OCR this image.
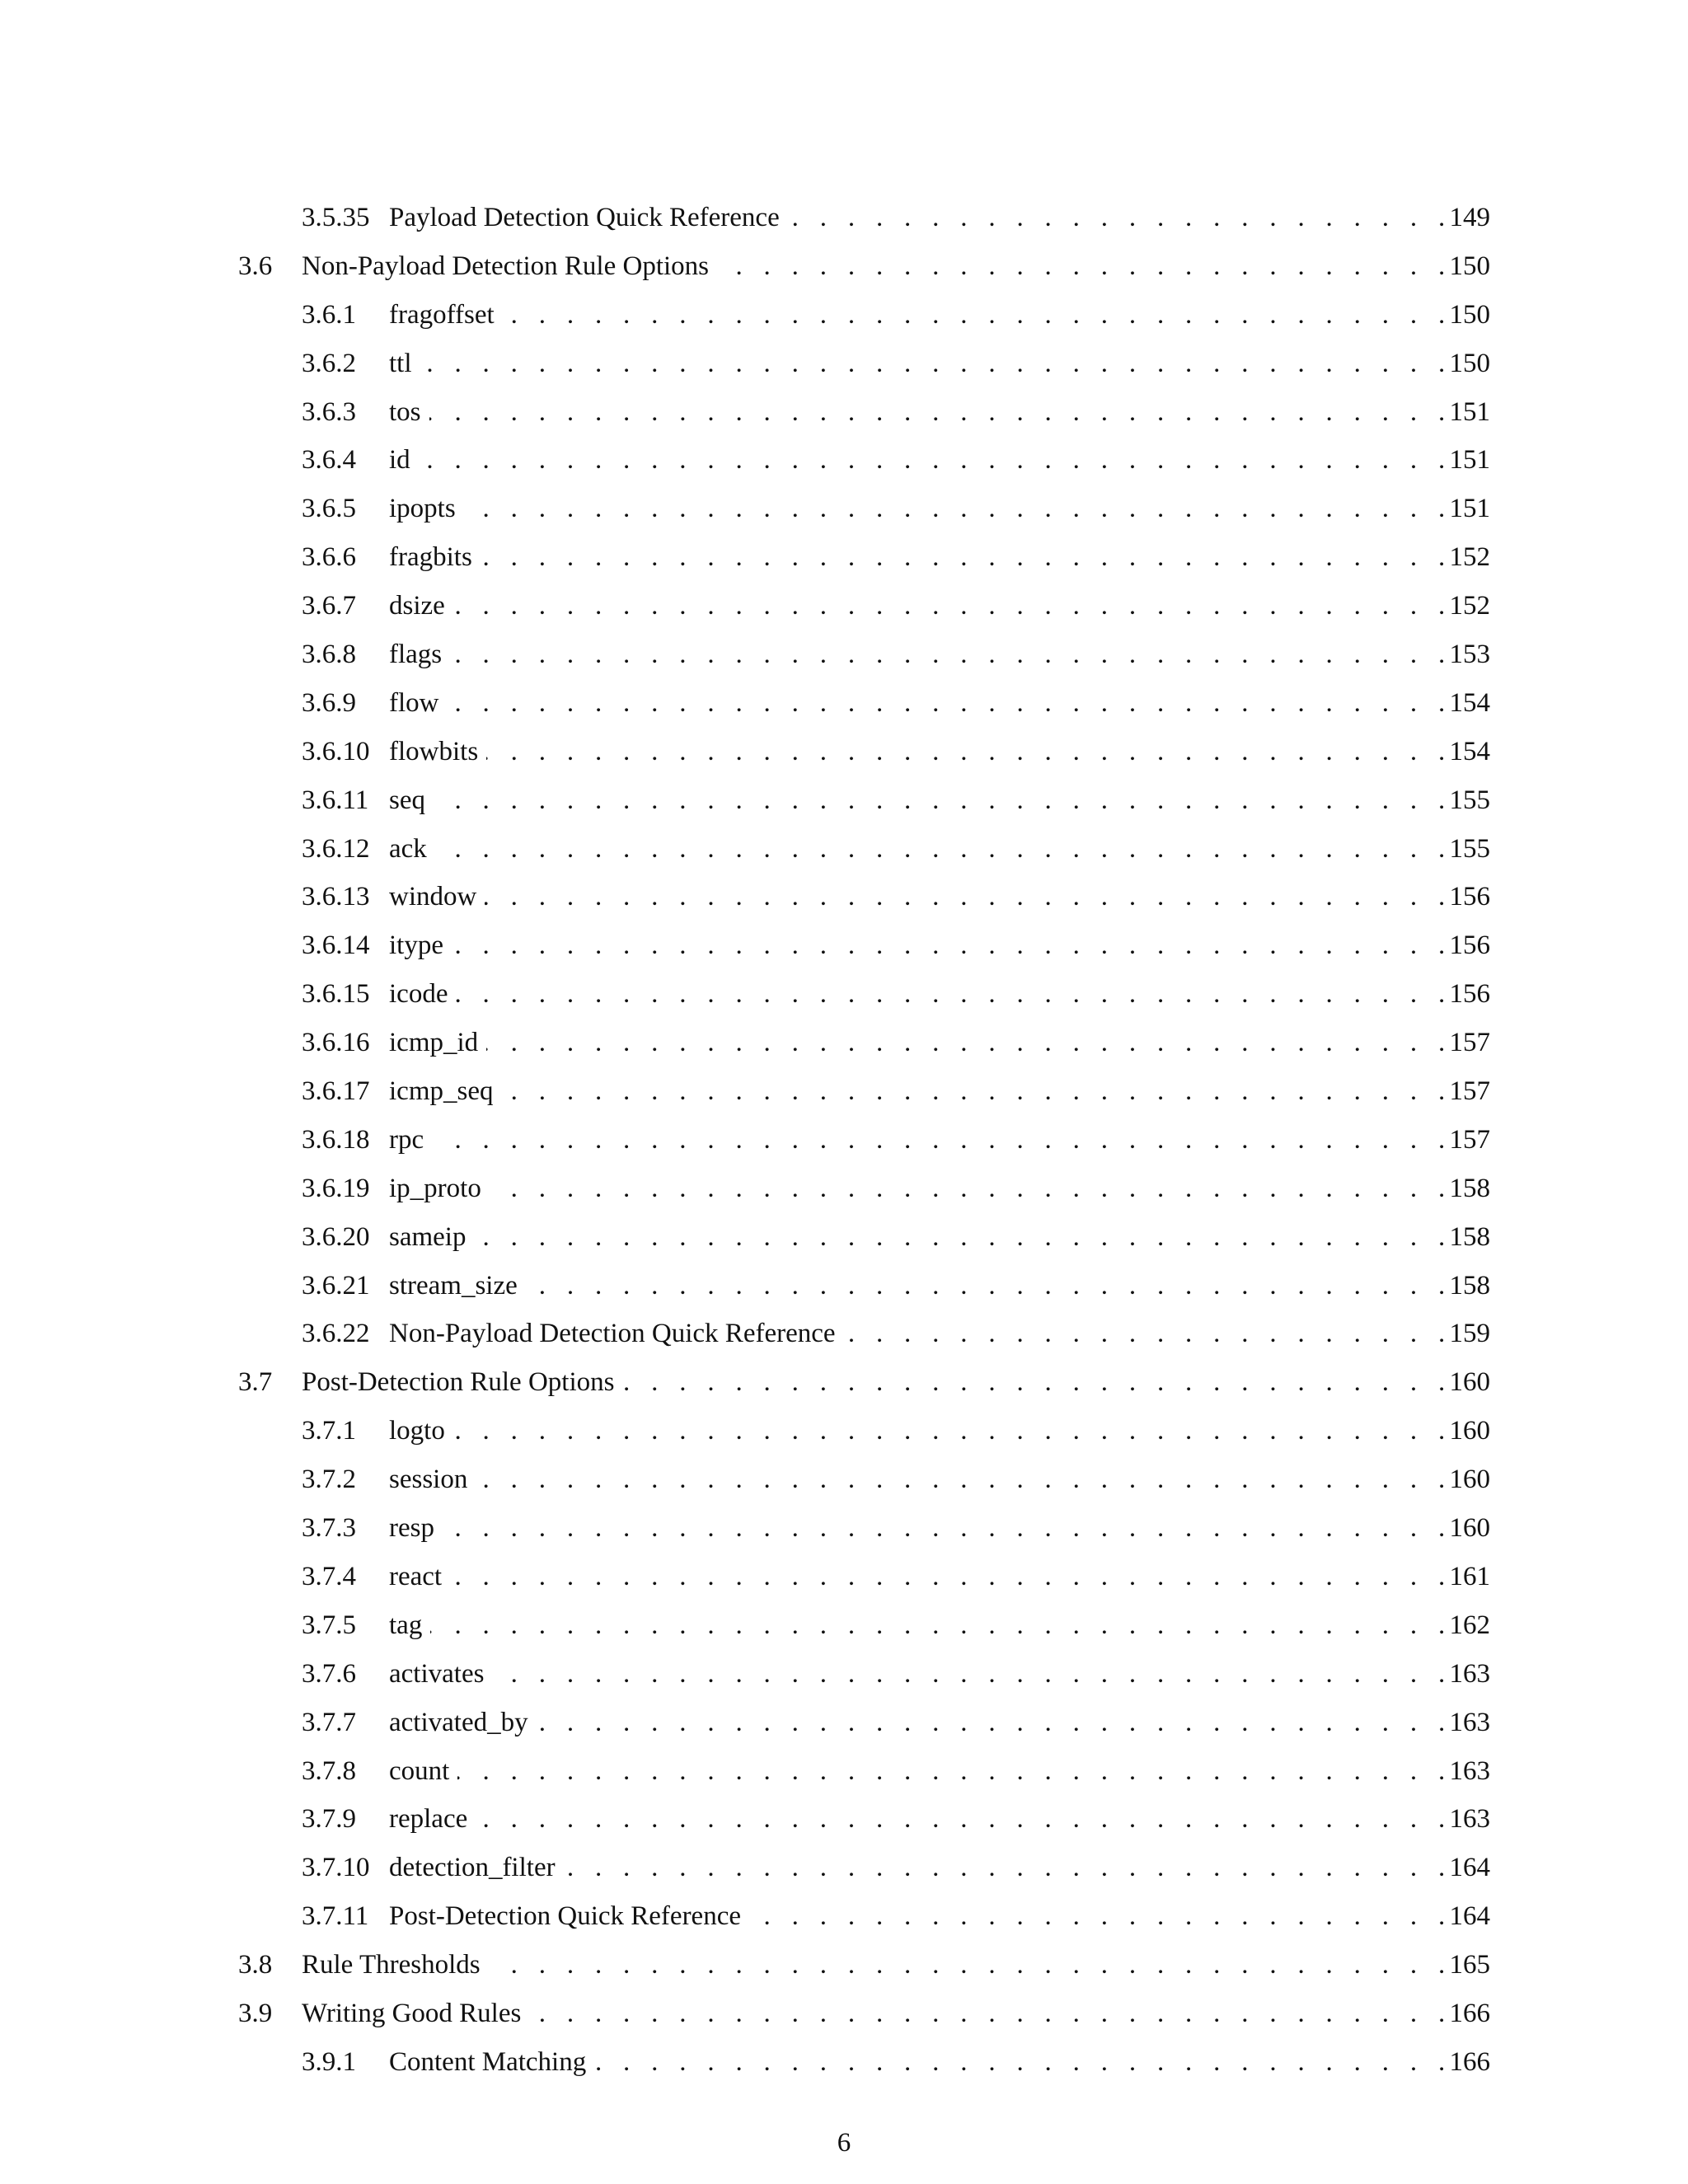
3.5.35 . . . Payload Detection Quick Reference	149
3.6 . . . Non-Payload Detection Rule Options	150
3.6.1 . . . fragoffset	150
3.6.2 . . . ttl	150
3.6.3 . . . tos	151
3.6.4 . . . id	151
3.6.5 . . . ipopts	151
3.6.6 . . . fragbits	152
3.6.7 . . . dsize	152
3.6.8 . . . flags	153
3.6.9 . . . flow	154
3.6.10 . . . flowbits	154
3.6.11 . . . seq	155
3.6.12 . . . ack	155
3.6.13 . . . window	156
3.6.14 . . . itype	156
3.6.15 . . . icode	156
3.6.16 . . . icmp_id	157
3.6.17 . . . icmp_seq	157
3.6.18 . . . rpc	157
3.6.19 . . . ip_proto	158
3.6.20 . . . sameip	158
3.6.21 . . . stream_size	158
3.6.22 . . . Non-Payload Detection Quick Reference	159
3.7 . . . Post-Detection Rule Options	160
3.7.1 . . . logto	160
3.7.2 . . . session	160
3.7.3 . . . resp	160
3.7.4 . . . react	161
3.7.5 . . . tag	162
3.7.6 . . . activates	163
3.7.7 . . . activated_by	163
3.7.8 . . . count	163
3.7.9 . . . replace	163
3.7.10 . . . detection_filter	164
3.7.11 . . . Post-Detection Quick Reference	164
3.8 . . . Rule Thresholds	165
3.9 . . . Writing Good Rules	166
3.9.1 . . . Content Matching	166
6
